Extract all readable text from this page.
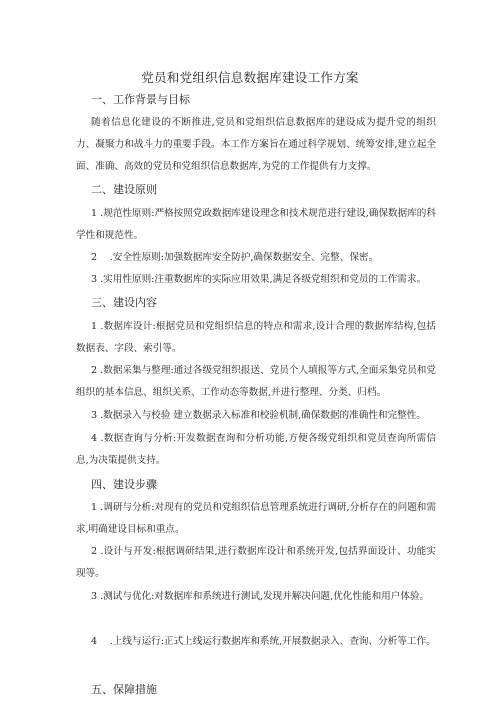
党员和党组织信息数据库建设工作方案
一、工作背景与目标
随着信息化建设的不断推进,党员和党组织信息数据库的建设成为提升党的组织力、凝聚力和战斗力的重要手段。本工作方案旨在通过科学规划、统筹安排,建立起全面、准确、高效的党员和党组织信息数据库,为党的工作提供有力支撑。
二、建设原则
1 .规范性原则:严格按照党政数据库建设理念和技术规范进行建设,确保数据库的科学性和规范性。
2　 .安全性原则:加强数据库安全防护,确保数据安全、完整、保密。
3 .实用性原则:注重数据库的实际应用效果,满足各级党组织和党员的工作需求。
三、建设内容
1 .数据库设计:根据党员和党组织信息的特点和需求,设计合理的数据库结构,包括数据表、字段、索引等。
2 .数据采集与整理:通过各级党组织报送、党员个人填报等方式,全面采集党员和党组织的基本信息、组织关系、工作动态等数据,并进行整理、分类、归档。
3 .数据录入与校验 建立数据录入标准和校验机制,确保数据的准确性和完整性。
4 .数据查询与分析:开发数据查询和分析功能,方便各级党组织和党员查询所需信息,为决策提供支持。
四、建设步骤
1 .调研与分析:对现有的党员和党组织信息管理系统进行调研,分析存在的问题和需求,明确建设目标和重点。
2 .设计与开发:根据调研结果,进行数据库设计和系统开发,包括界面设计、功能实现等。
3 .测试与优化:对数据库和系统进行测试,发现并解决问题,优化性能和用户体验。
4　 .上线与运行:正式上线运行数据库和系统,开展数据录入、查询、分析等工作。
五、保障措施
